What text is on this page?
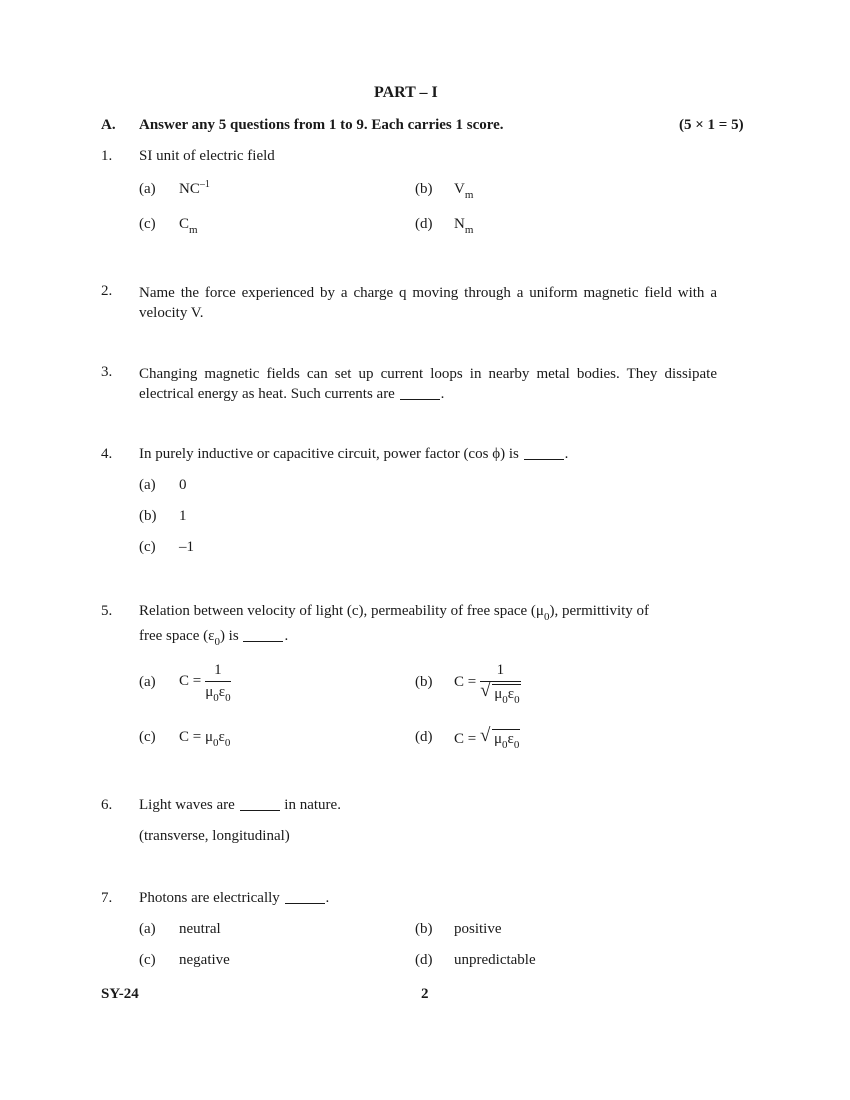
PART – I
A. Answer any 5 questions from 1 to 9. Each carries 1 score.	(5 × 1 = 5)
1. SI unit of electric field
(a) $NC^{-1}$	(b) $V_m$
(c) $C_m$	(d) $N_m$
2. Name the force experienced by a charge q moving through a uniform magnetic field with a velocity V.
3. Changing magnetic fields can set up current loops in nearby metal bodies. They dissipate electrical energy as heat. Such currents are	.
4. In purely inductive or capacitive circuit, power factor (cos ϕ) is	.
(a) 0
(b) 1
(c) –1
5. Relation between velocity of light (c), permeability of free space $(\mu_0)$, permittivity of
free space $(\varepsilon_0)$ is	.
(a) $C = \frac{1}{\mu_0\varepsilon_0}$	(b) $C = \frac{1}{√ \mu_0\varepsilon_0}$
(c) $C = \mu_0\varepsilon_0$	(d) C = √ $\mu_0\varepsilon_0$
6. Light waves are	in nature.
(transverse, longitudinal)
7. Photons are electrically	.
(a) neutral	(b) positive
(c) negative	(d) unpredictable
SY-24	2
